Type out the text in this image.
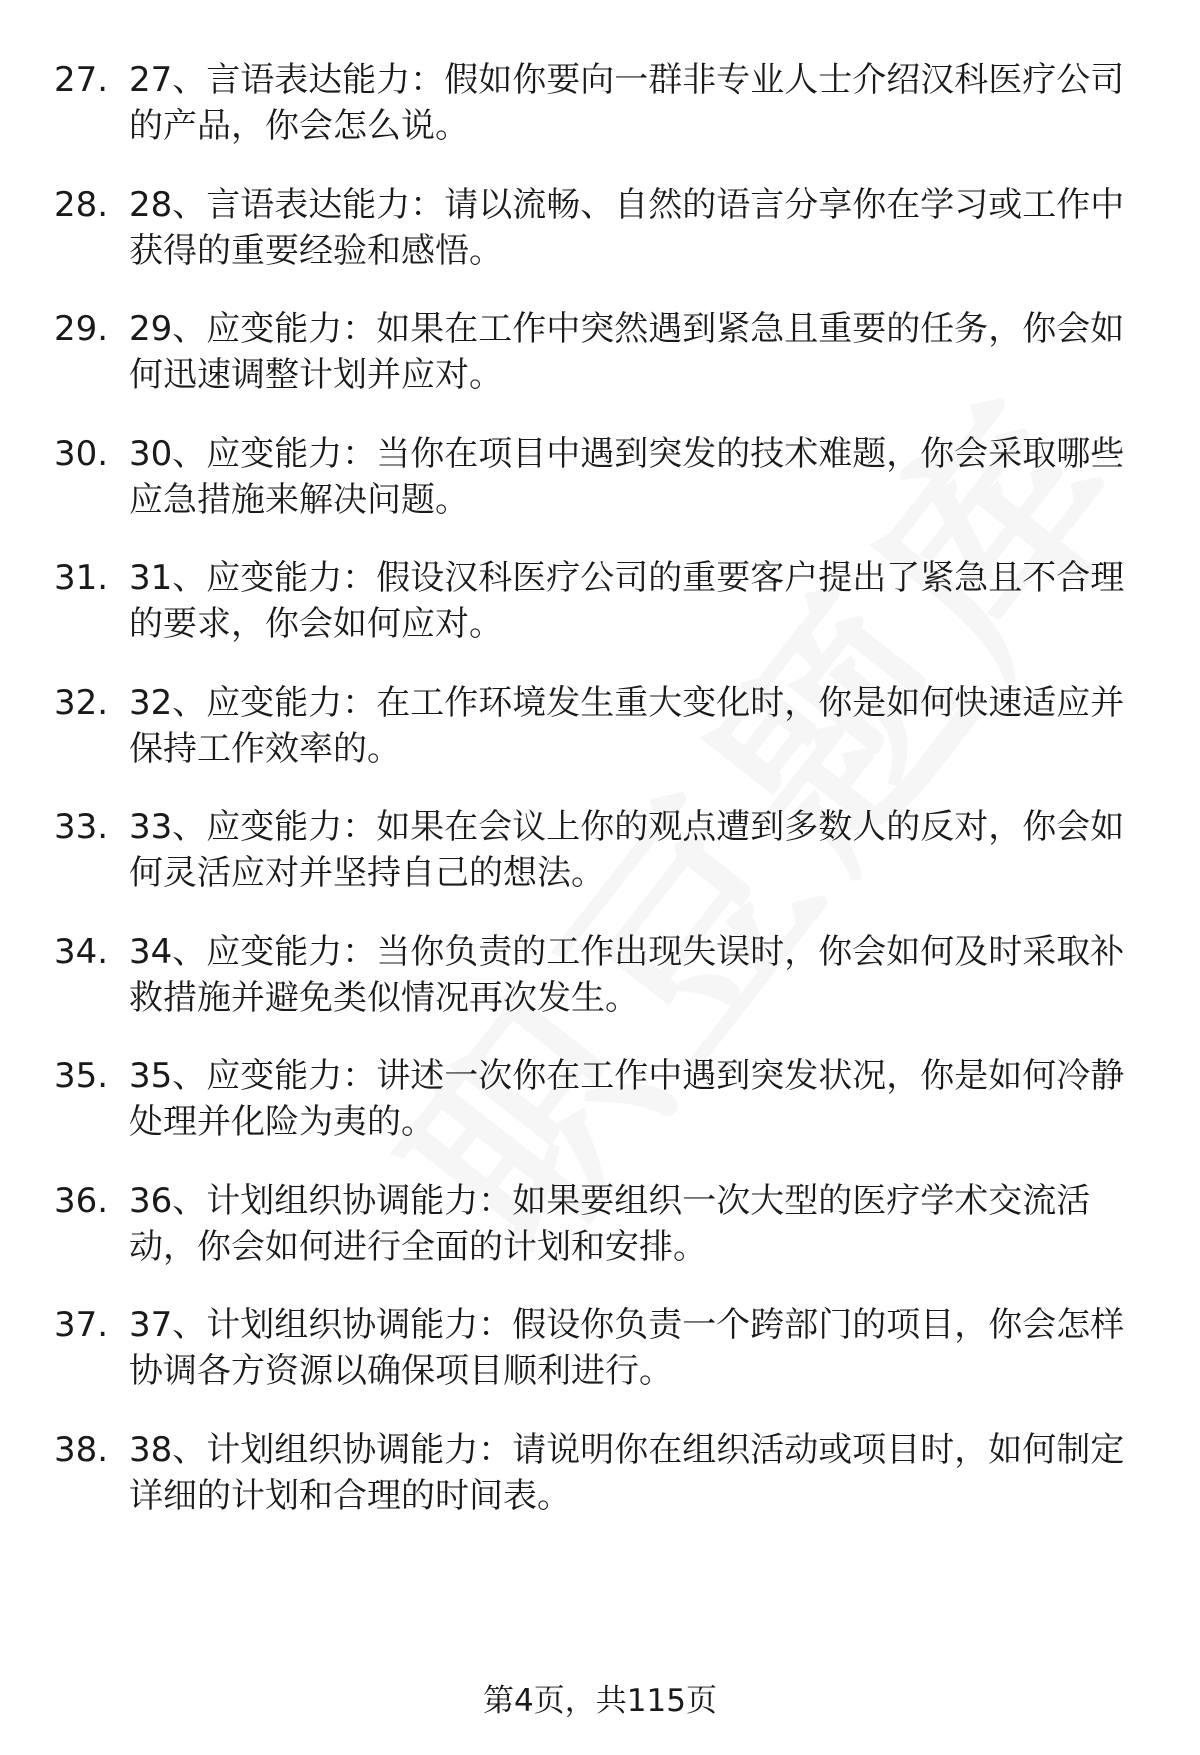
27. 27、言语表达能力：假如你要向一群非专业人士介绍汉科医疗公司的产品，你会怎么说。
28. 28、言语表达能力：请以流畅、自然的语言分享你在学习或工作中获得的重要经验和感悟。
29. 29、应变能力：如果在工作中突然遇到紧急且重要的任务，你会如何迅速调整计划并应对。
30. 30、应变能力：当你在项目中遇到突发的技术难题，你会采取哪些应急措施来解决问题。
31. 31、应变能力：假设汉科医疗公司的重要客户提出了紧急且不合理的要求，你会如何应对。
32. 32、应变能力：在工作环境发生重大变化时，你是如何快速适应并保持工作效率的。
33. 33、应变能力：如果在会议上你的观点遭到多数人的反对，你会如何灵活应对并坚持自己的想法。
34. 34、应变能力：当你负责的工作出现失误时，你会如何及时采取补救措施并避免类似情况再次发生。
35. 35、应变能力：讲述一次你在工作中遇到突发状况，你是如何冷静处理并化险为夷的。
36. 36、计划组织协调能力：如果要组织一次大型的医疗学术交流活动，你会如何进行全面的计划和安排。
37. 37、计划组织协调能力：假设你负责一个跨部门的项目，你会怎样协调各方资源以确保项目顺利进行。
38. 38、计划组织协调能力：请说明你在组织活动或项目时，如何制定详细的计划和合理的时间表。
第4页，共115页
